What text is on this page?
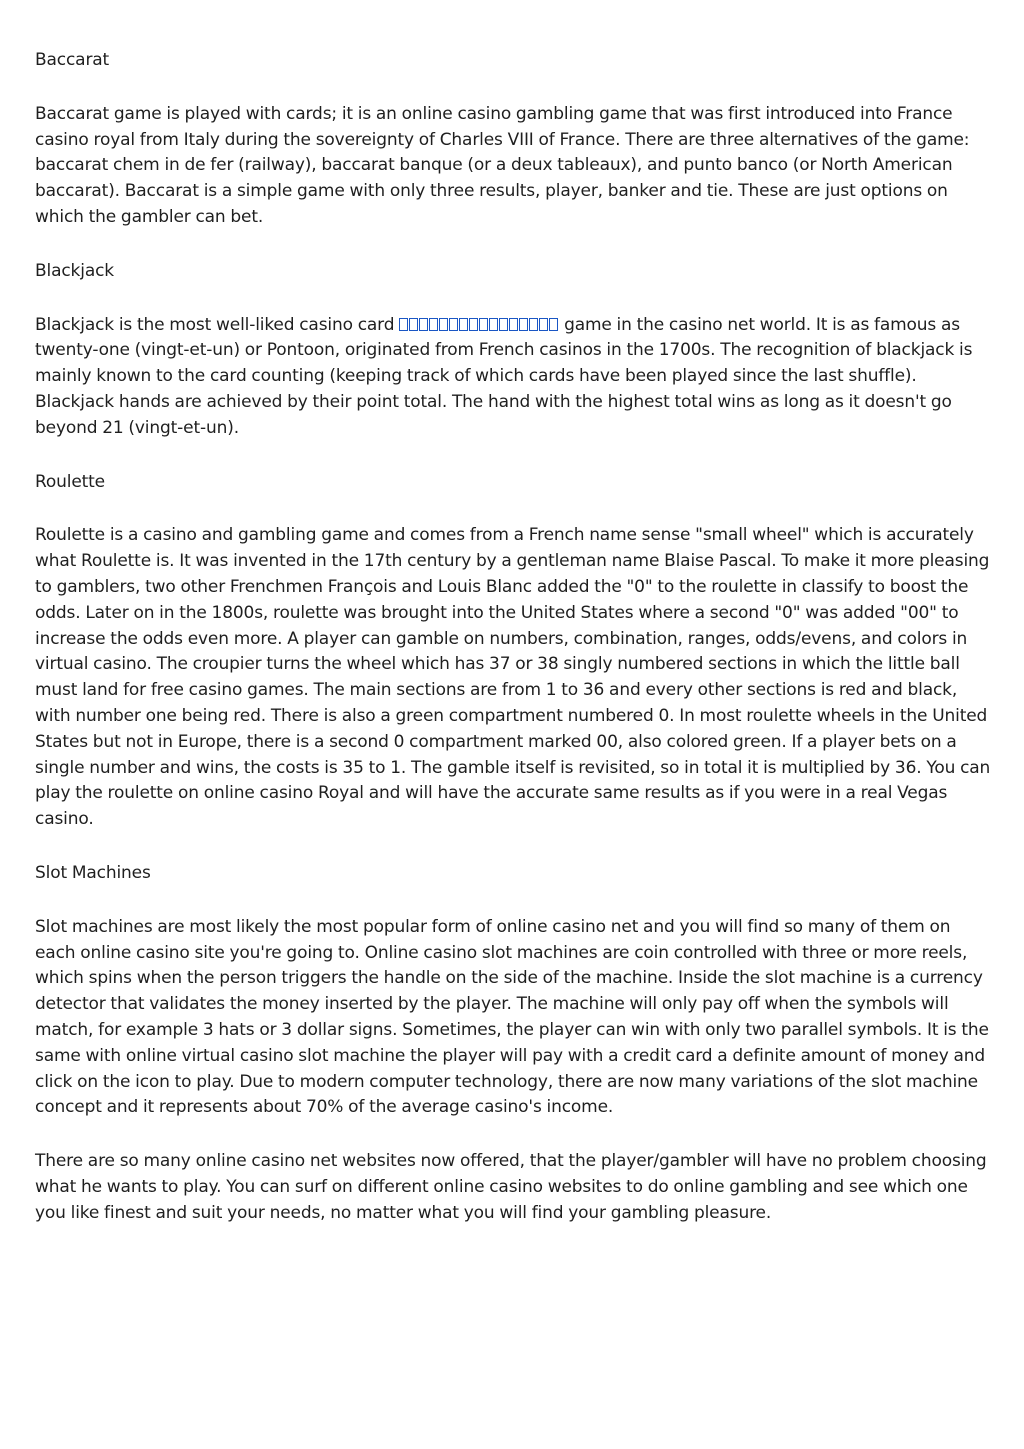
Baccarat

Baccarat game is played with cards; it is an online casino gambling game that was first introduced into France casino royal from Italy during the sovereignty of Charles VIII of France. There are three alternatives of the game: baccarat chem in de fer (railway), baccarat banque (or a deux tableaux), and punto banco (or North American baccarat). Baccarat is a simple game with only three results, player, banker and tie. These are just options on which the gambler can bet.

Blackjack

Blackjack is the most well-liked casino card	game in the casino net world. It is as famous as twenty-one (vingt-et-un) or Pontoon, originated from French casinos in the 1700s. The recognition of blackjack is mainly known to the card counting (keeping track of which cards have been played since the last shuffle). Blackjack hands are achieved by their point total. The hand with the highest total wins as long as it doesn't go beyond 21 (vingt-et-un).

Roulette

Roulette is a casino and gambling game and comes from a French name sense "small wheel" which is accurately what Roulette is. It was invented in the 17th century by a gentleman name Blaise Pascal. To make it more pleasing to gamblers, two other Frenchmen François and Louis Blanc added the "0" to the roulette in classify to boost the odds. Later on in the 1800s, roulette was brought into the United States where a second "0" was added "00" to increase the odds even more. A player can gamble on numbers, combination, ranges, odds/evens, and colors in virtual casino. The croupier turns the wheel which has 37 or 38 singly numbered sections in which the little ball must land for free casino games. The main sections are from 1 to 36 and every other sections is red and black, with number one being red. There is also a green compartment numbered 0. In most roulette wheels in the United States but not in Europe, there is a second 0 compartment marked 00, also colored green. If a player bets on a single number and wins, the costs is 35 to 1. The gamble itself is revisited, so in total it is multiplied by 36. You can play the roulette on online casino Royal and will have the accurate same results as if you were in a real Vegas casino.

Slot Machines

Slot machines are most likely the most popular form of online casino net and you will find so many of them on each online casino site you're going to. Online casino slot machines are coin controlled with three or more reels, which spins when the person triggers the handle on the side of the machine. Inside the slot machine is a currency detector that validates the money inserted by the player. The machine will only pay off when the symbols will match, for example 3 hats or 3 dollar signs. Sometimes, the player can win with only two parallel symbols. It is the same with online virtual casino slot machine the player will pay with a credit card a definite amount of money and click on the icon to play. Due to modern computer technology, there are now many variations of the slot machine concept and it represents about 70% of the average casino's income.

There are so many online casino net websites now offered, that the player/gambler will have no problem choosing what he wants to play. You can surf on different online casino websites to do online gambling and see which one you like finest and suit your needs, no matter what you will find your gambling pleasure.
